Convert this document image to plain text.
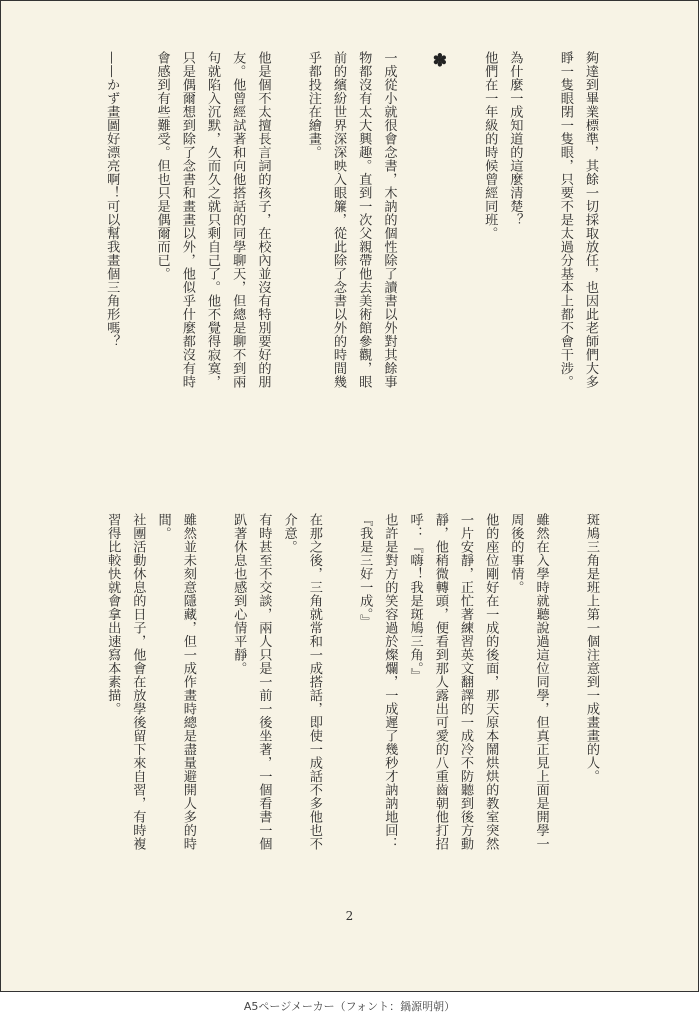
夠達到畢業標準，其餘一切採取放任，也因此老師們大多
睜一隻眼閉一隻眼，只要不是太過分基本上都不會干涉。
為什麼一成知道的這麼清楚？
他們在一年級的時候曾經同班。
✽
一成從小就很會念書，木訥的個性除了讀書以外對其餘事
物都沒有太大興趣。直到一次父親帶他去美術館參觀，眼
前的繽紛世界深深映入眼簾，從此除了念書以外的時間幾
乎都投注在繪畫。
他是個不太擅長言詞的孩子，在校內並沒有特別要好的朋
友。他曾經試著和向他搭話的同學聊天，但總是聊不到兩
句就陷入沉默，久而久之就只剩自己了。他不覺得寂寞，
只是偶爾想到除了念書和畫畫以外，他似乎什麼都沒有時
會感到有些難受。但也只是偶爾而已。
——かず畫圖好漂亮啊！可以幫我畫個三角形嗎？
斑鳩三角是班上第一個注意到一成畫畫的人。
雖然在入學時就聽說過這位同學，但真正見上面是開學一
周後的事情。
他的座位剛好在一成的後面，那天原本鬧烘烘的教室突然
一片安靜，正忙著練習英文翻譯的一成冷不防聽到後方動
靜，他稍微轉頭，便看到那人露出可愛的八重齒朝他打招
呼：『嗨！我是斑鳩三角。』
也許是對方的笑容過於燦爛，一成遲了幾秒才訥訥地回：
『我是三好一成。』
在那之後，三角就常和一成搭話，即使一成話不多他也不
介意。
有時甚至不交談，兩人只是一前一後坐著，一個看書一個
趴著休息也感到心情平靜。
雖然並未刻意隱藏，但一成作畫時總是盡量避開人多的時
間。
社團活動休息的日子，他會在放學後留下來自習，有時複
習得比較快就會拿出速寫本素描。
2
A5ページメーカー（フォント：鍋源明朝）
